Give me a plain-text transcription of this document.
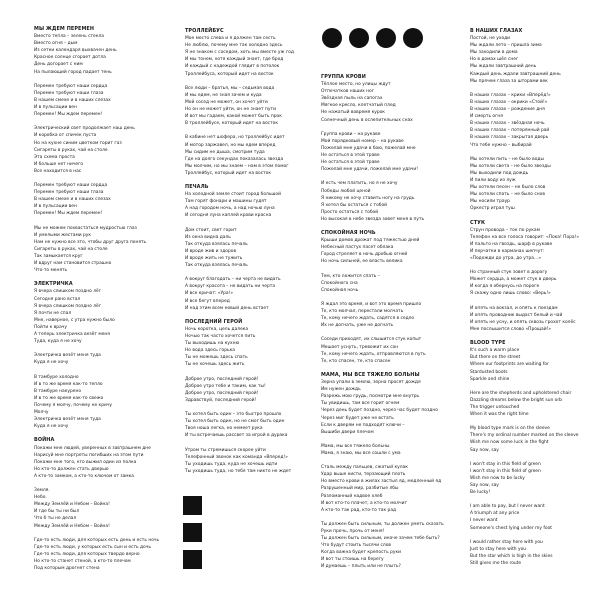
МЫ ЖДЕМ ПЕРЕМЕН
Вместо тепла – зелень стекла
Вместо огня – дым
Из сетки календаря выхвачен день
Красное солнце сгорает дотла
День догорает с ним
На пылающий город падает тень
Перемен требуют наши сердца
Перемен требуют наши глаза
В нашем смехе и в наших слезах
И в пульсации вен
Перемен! Мы ждем перемен!
Электрический свет продолжает наш день
И коробка от спичек пуста
Но на кухне синим цветком горит газ
Сигареты в руках, чай на столе
Эта схема проста
И больше нет ничего
Все находится в нас
Перемен требуют наши сердца
Перемен требуют наши глаза
В нашем смехе и в наших слезах
И в пульсации вен
Перемен! Мы ждем перемен!
Мы не можем похвастаться мудростью глаз
И умелыми жестами рук
Нам не нужно все это, чтобы друг друга понять
Сигареты в руках, чай на столе
Так замыкается круг
И вдруг нам становится страшно
Что-то менять
ЭЛЕКТРИЧКА
Я вчера слишком поздно лёг
Сегодня рано встал
Я вчера слишком поздно лёг
Я почти не спал
Мне, наверное, с утра нужно было
Пойти к врачу
А теперь электричка везёт меня
Туда, куда я не хочу
Электричка везёт меня туда
Куда я не хочу
В тамбуре холодно
И в то же время как-то тепло
В тамбуре накурено
И в то же время как-то свежо
Почему я молчу, почему не кричу
Молчу
Электричка везёт меня туда
Куда я не хочу
ВОЙНА
Покажи мне людей, уверенных в завтрашнем дне
Нарисуй мне портреты погибших на этом пути
Покажи мне того, кто выжил один из полка
Но кто-то должен стать дверью
А кто-то замком, а кто-то ключом от замка
Земля.
Небо.
Между Землёй и Небом – Война!
И где бы ты ни был
Что б ты не делал
Между Землёй и Небом – Война!
Где-то есть люди, для которых есть день и есть ночь
Где-то есть люди, у которых есть сын и есть дочь
Где-то есть люди, для которых твердо верно
Но кто-то станет стеной, а кто-то плечом
Под которым дрогнет стена
ТРОЛЛЕЙБУС
Мое место слева и я должен там сесть
Не люблю, почему мне так холодно здесь
Я не знаком с соседом, хоть мы вместе уж год
И мы тонем, хотя каждый знает, где брод
И каждый с надеждой глядит в потолок
Троллейбуса, который идет на восток
Все люди – братья, мы – седьмая вода
И мы едем, не зная зачем и куда
Мой сосед не может, он хочет уйти
Но он не может уйти, он не знает пути
И вот мы гадаем, какой может быть прок
В троллейбусе, который идет на восток
В кабине нет шофера, но троллейбус идет
И мотор заржавел, но мы едем вперед
Мы сидим не дыша, смотрим туда
Где на долго секундах показалась звезда
Мы молчим, но мы знаем – нам в этом помог
Троллейбус, который идет на восток
ПЕЧАЛЬ
На холодной земле стоит город большой
Там горят фонари и машины гудят
А над городом ночь, а над ночью луна
И сегодня луна каплей крови красна
Дом стоит, свет горит
Из окна видна даль
Так откуда взялась печаль
И вроде жив и здоров
И вроде жить не тужить
Так откуда взялась печаль
А вокруг благодать – ни черта не видать
А вокруг красота – не видать ни черта
И все кричат: «Ура!»
И все бегут вперед
И над этим всем новый день встает
ПОСЛЕДНИЙ ГЕРОЙ
Ночь коротка, цель далека
Ночью так часто хочется пить
Ты выходишь на кухню
Но вода здесь горька
Ты не можешь здесь спать
Ты не хочешь здесь жить
Доброе утро, последний герой!
Доброе утро тебе и таким, как ты!
Доброе утро, последний герой!
Здравствуй, последний герой!
Ты хотел быть один – это быстро прошло
Ты хотел быть один, но не смог быть один
Твоя ноша легка, но немеет рука
И ты встречаешь рассвет за игрой в дурака
Утром ты стремишься скорее уйти
Телефонный звонок как команда «Вперед!»
Ты уходишь туда, куда не хочешь идти
Ты уходишь туда, но тебя там никто не ждет
ГРУППА КРОВИ
Тёплое место, но улицы ждут
Отпечатков наших ног
Звёздная пыль на сапогах
Мягкое кресло, клетчатый плед
Не нажатый вовремя курок
Солнечный день в ослепительных снах
Группа крови – на рукаве
Мой порядковый номер – на рукаве
Пожелай мне удачи в бою, пожелай мне
Не остаться в этой траве
Не остаться в этой траве
Пожелай мне удачи, пожелай мне удачи!
И есть чем платить, но я не хочу
Победы любой ценой
Я никому не хочу ставить ногу на грудь
Я хотел бы остаться с тобой
Просто остаться с тобой
Но высокая в небе звезда зовет меня в путь
СПОКОЙНАЯ НОЧЬ
Крыши домов дрожат под тяжестью дней
Небесный пастух пасет облака
Город стреляет в ночь дробью огней
Но ночь сильней, ее власть велика
Тем, кто ложится спать –
Спокойного сна
Спокойная ночь
Я ждал это время, и вот это время пришло
Те, кто молчал, перестали молчать
Те, кому нечего ждать, садятся в седло
Их не догнать, уже не догнать
Соседи приходят, их слышится стук копыт
Мешает уснуть, тревожит их сон
Те, кому нечего ждать, отправляются в путь
Те, кто спасен, те, кто спасен
МАМА, МЫ ВСЕ ТЯЖЕЛО БОЛЬНЫ
Зерна упали в землю, зерна просят дождя
Им нужен дождь
Разрежь мою грудь, посмотри мне внутрь
Ты увидишь, там все горит огнем
Через день будет поздно, через час будет поздно
Через миг будет уже не встать
Если к дверям не подходят ключи –
Вышиби двери плечом
Мама, мы все тяжело больны
Мама, я знаю, мы все сошли с ума
Сталь между пальцев, сжатый кулак
Удар выше кисти, терзающий плоть
Но вместо крови в жилах застыл яд, медленный яд
Разрушенный мир, разбитые лбы
Разломанный надвое хлеб
И вот кто-то плачет, а кто-то молчит
А кто-то так рад, кто-то так рад
Ты должен быть сильным, ты должен уметь сказать
Руки прочь, прочь от меня!
Ты должен быть сильным, иначе зачем тебе быть?
Что будут стоить тысячи слов
Когда важна будет крепость руки
И вот ты стоишь на берегу
И думаешь – плыть или не плыть?
В НАШИХ ГЛАЗАХ
Постой, не уходи
Мы ждали лето – пришла зима
Мы заходили в дома
Но в домах шёл снег
Мы ждали завтрашний день
Каждый день ждали завтрашний день
Мы прячем глаза за шторами век
В наших глазах – крики «Вперёд!»
В наших глазах – окрики «Стой!»
В наших глазах – рождение дня
И смерть огня
В наших глазах – звёздная ночь
В наших глазах – потерянный рай
В наших глазах – закрытая дверь
Что тебе нужно – выбирай
Мы хотели пить – не было воды
Мы хотели света – не было звезды
Мы выходили под дождь
И пили воду из луж
Мы хотели песен – не было слов
Мы хотели спать – не было снов
Мы носили траур
Оркестр играл туш
СТУК
Струн провода – ток по рукам
Телефон на все голоса говорит: «Пока! Пора!»
И пальто на гвоздь, шарф в рукаве
И перчатки в карманах шепчут:
«Подожди до утра, до утра…»
Но странный стук зовет в дорогу
Может сердца, а может стук в дверь
И когда я обернусь на пороге
Я скажу одно лишь слово: «Верь!»
И опять на вокзал, и опять к поездам
И опять проводник выдаст белый и чай
И опять не усну, и опять сквозь грохот колёс
Мне послышится слово «Прощай!»
BLOOD TYPE
It's such a warm place
But there on the street
Where our footprints are waiting for
Stardusted boots
Sparkle and shine
Here are the shepherds and upholstered chair
Dazzling dreams below the bright sun orb
The trigger untouched
When it was the right time
My blood type mark is on the sleeve
There's my ordinal number marked on the sleeve
Wish me now some luck in the fight
Say now, say
I won't stay in this field of green
I won't stay in this field of green
Wish me now to be lucky
Say now, say
Be lucky!
I am able to pay, but I never want
A triumph at any price
I never want
Someone's chest lying under my foot
I would rather stay here with you
Just to stay here with you
But the star which is high in the skies
Still gives me the route
